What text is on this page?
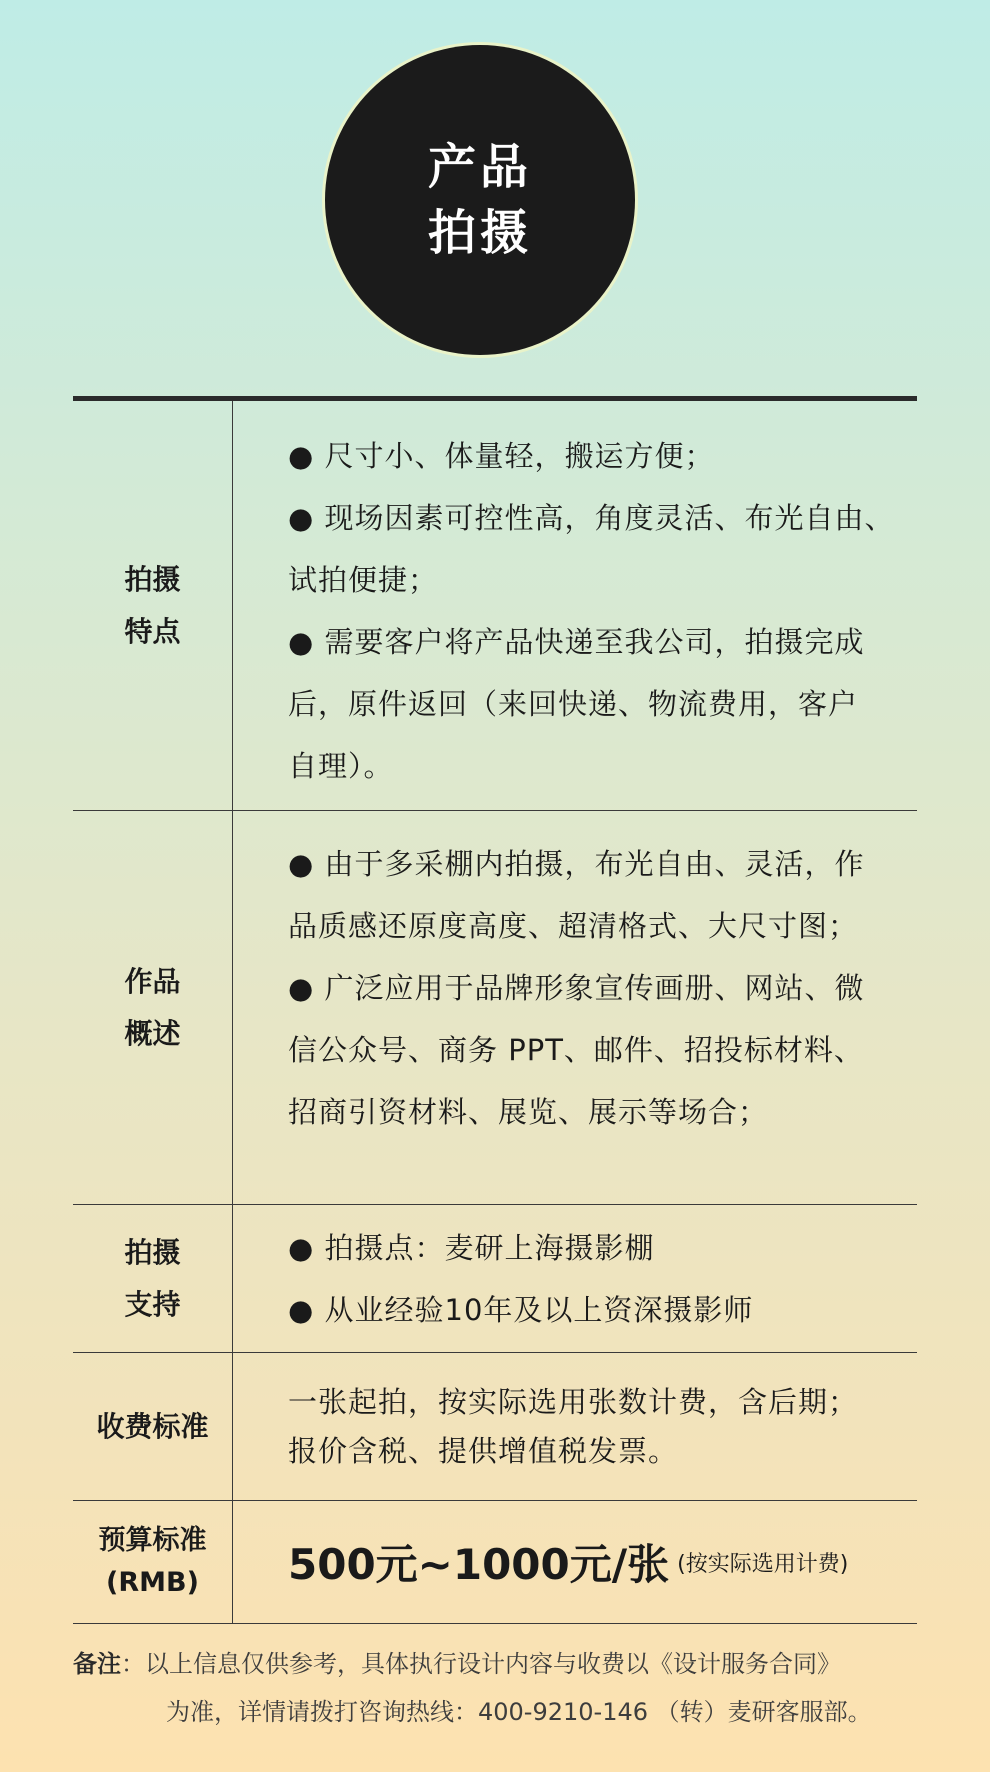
产品
拍摄
拍摄
特点
● 尺寸小、体量轻，搬运方便；
● 现场因素可控性高，角度灵活、布光自由、
试拍便捷；
● 需要客户将产品快递至我公司，拍摄完成
后，原件返回（来回快递、物流费用，客户
自理）。
作品
概述
● 由于多采棚内拍摄，布光自由、灵活，作
品质感还原度高度、超清格式、大尺寸图；
● 广泛应用于品牌形象宣传画册、网站、微
信公众号、商务 PPT、邮件、招投标材料、
招商引资材料、展览、展示等场合；
拍摄
支持
● 拍摄点：麦研上海摄影棚
● 从业经验10年及以上资深摄影师
收费标准
一张起拍，按实际选用张数计费，含后期；
报价含税、提供增值税发票。
预算标准
(RMB) 500元~1000元/张 (按实际选用计费)
备注：以上信息仅供参考，具体执行设计内容与收费以《设计服务合同》
为准，详情请拨打咨询热线：400-9210-146 （转）麦研客服部。
